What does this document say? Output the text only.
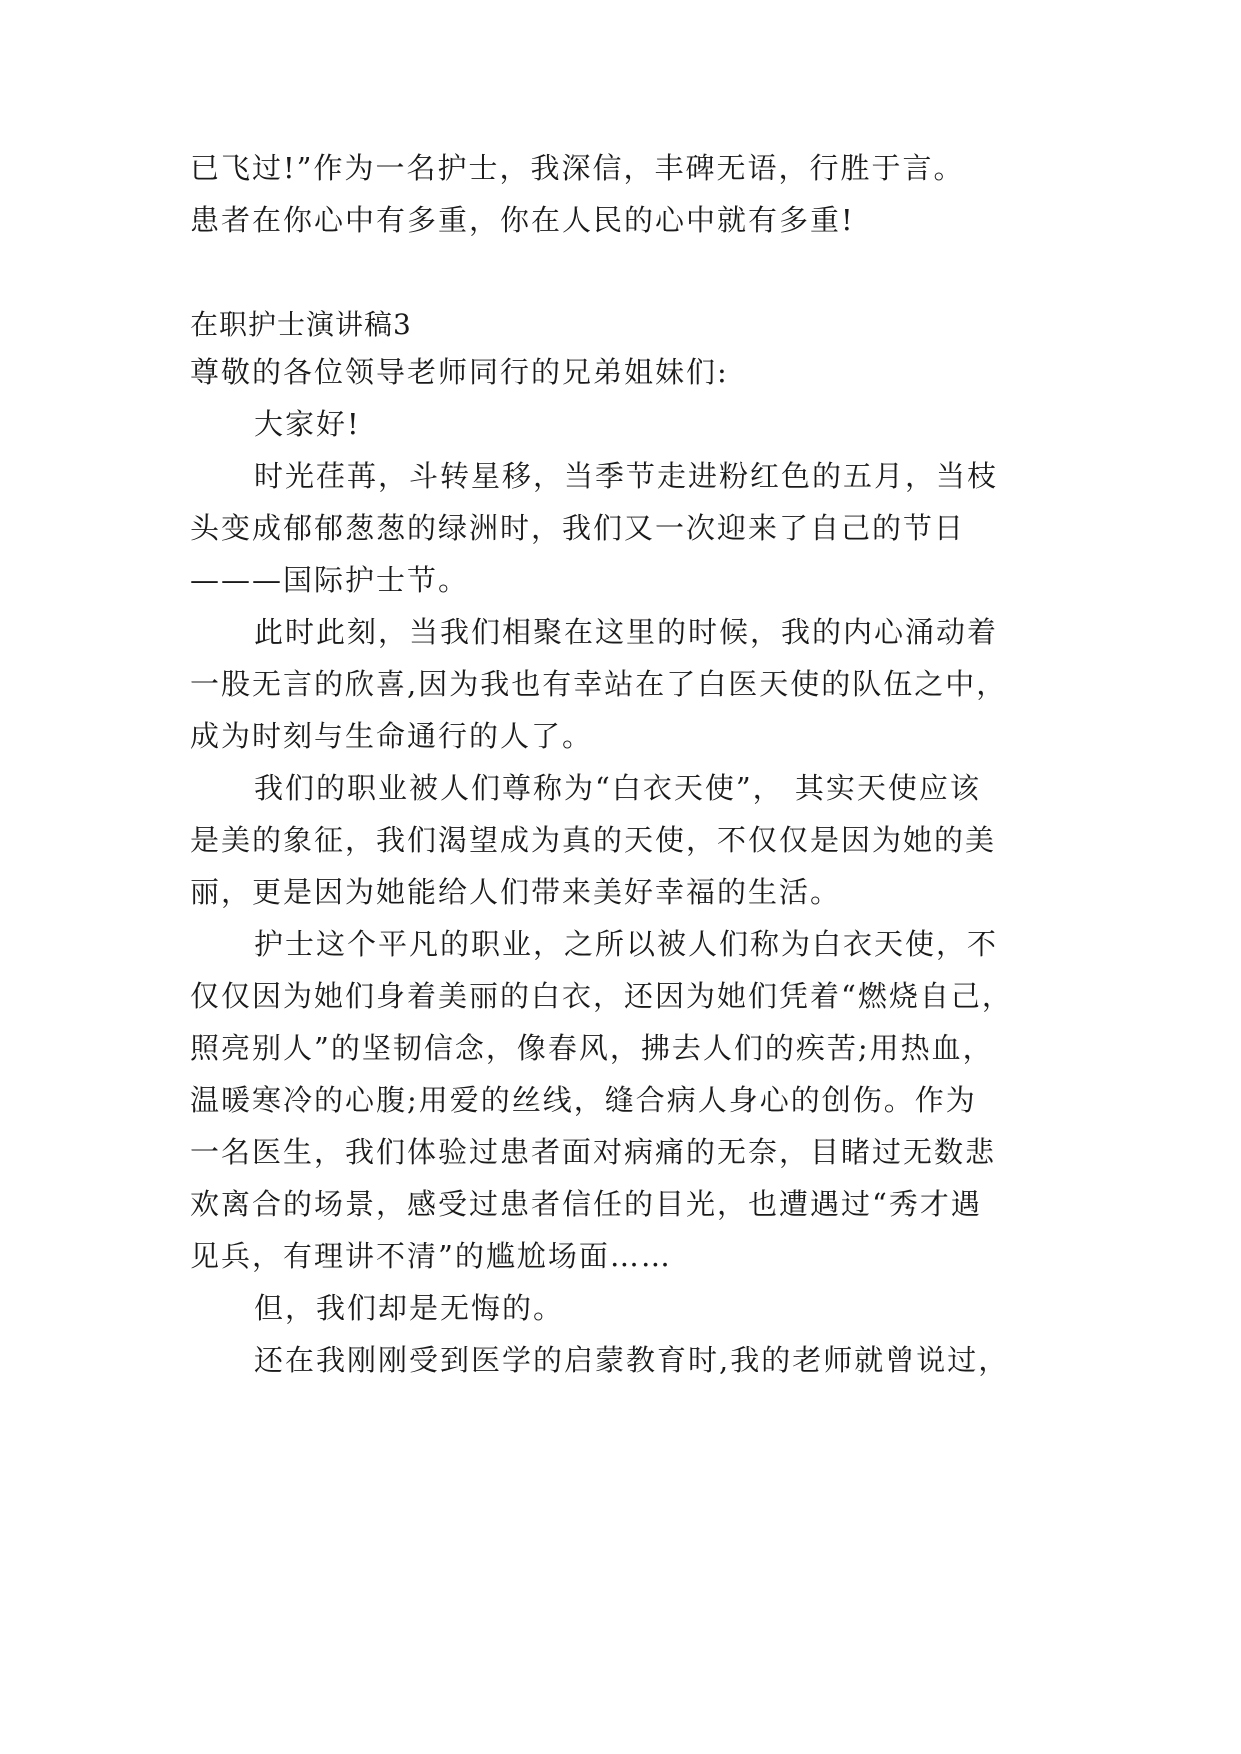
已飞过!”作为一名护士，我深信，丰碑无语，行胜于言。
患者在你心中有多重，你在人民的心中就有多重!
在职护士演讲稿3
尊敬的各位领导老师同行的兄弟姐妹们:
大家好!
时光荏苒，斗转星移，当季节走进粉红色的五月，当枝
头变成郁郁葱葱的绿洲时，我们又一次迎来了自己的节日
———国际护士节。
此时此刻，当我们相聚在这里的时候，我的内心涌动着
一股无言的欣喜,因为我也有幸站在了白医天使的队伍之中，
成为时刻与生命通行的人了。
我们的职业被人们尊称为“白衣天使”， 其实天使应该
是美的象征，我们渴望成为真的天使，不仅仅是因为她的美
丽，更是因为她能给人们带来美好幸福的生活。
护士这个平凡的职业，之所以被人们称为白衣天使，不
仅仅因为她们身着美丽的白衣，还因为她们凭着“燃烧自己，
照亮别人”的坚韧信念，像春风，拂去人们的疾苦;用热血，
温暖寒冷的心腹;用爱的丝线，缝合病人身心的创伤。作为
一名医生，我们体验过患者面对病痛的无奈，目睹过无数悲
欢离合的场景，感受过患者信任的目光，也遭遇过“秀才遇
见兵，有理讲不清”的尴尬场面……
但，我们却是无悔的。
还在我刚刚受到医学的启蒙教育时,我的老师就曾说过，
